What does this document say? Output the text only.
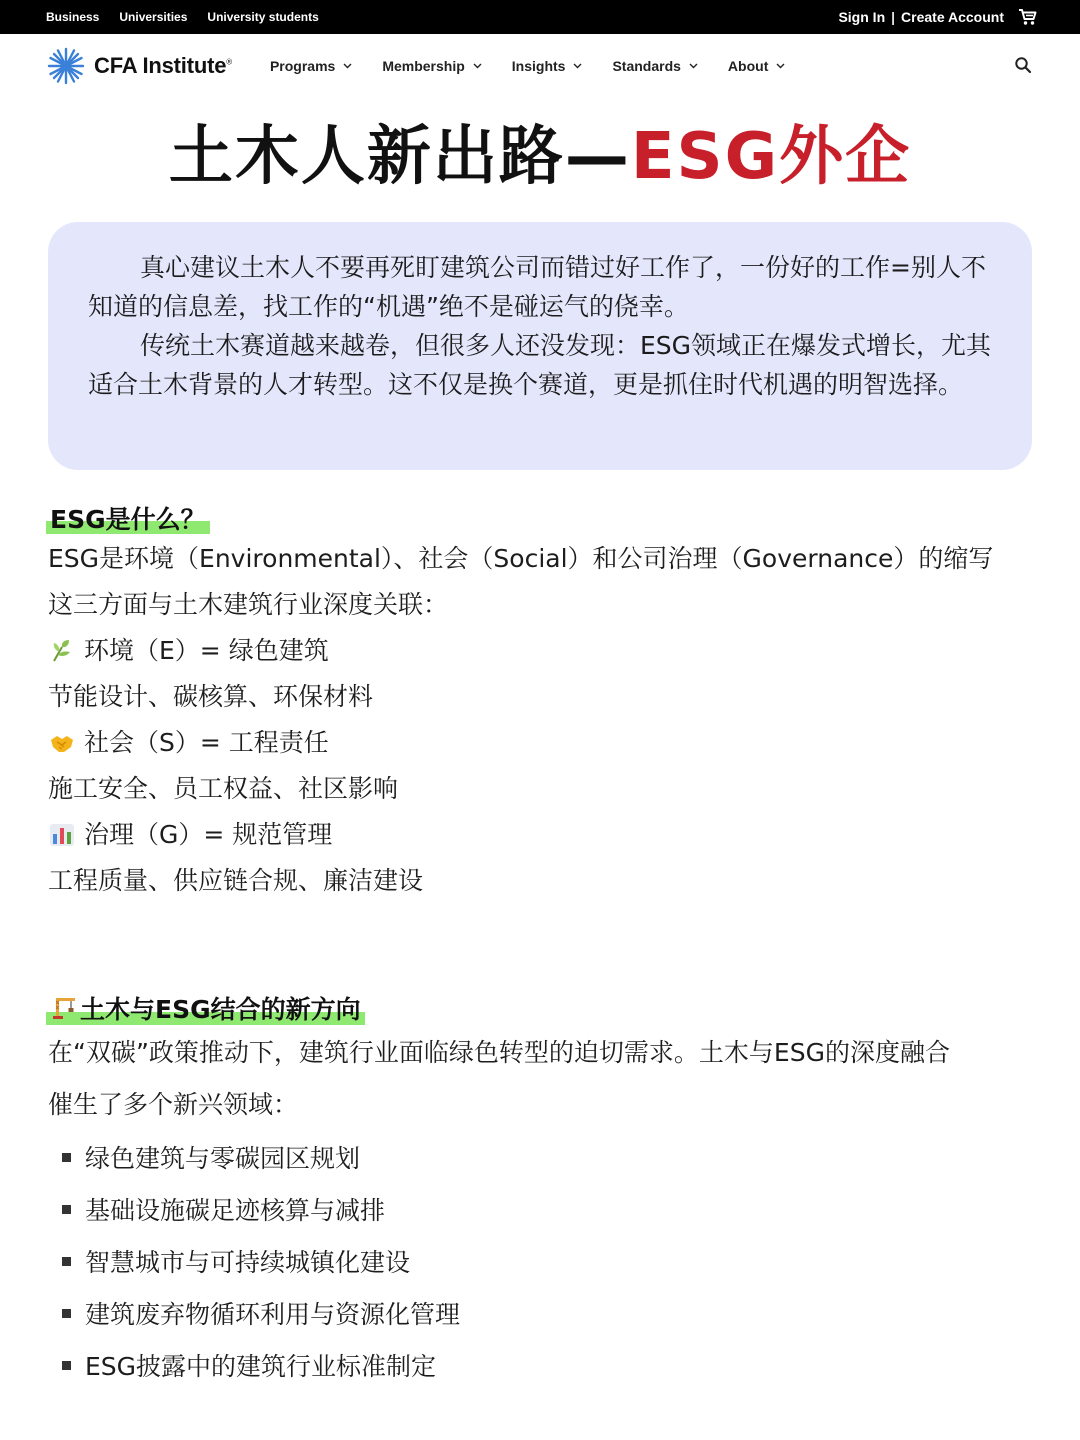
Business Universities University students	Sign In | Create Account
CFA Institute®	Programs	Membership	Insights	Standards	About
土木人新出路—ESG外企

真心建议土木人不要再死盯建筑公司而错过好工作了，一份好的工作=别人不知道的信息差，找工作的“机遇”绝不是碰运气的侥幸。

传统土木赛道越来越卷，但很多人还没发现：ESG领域正在爆发式增长，尤其适合土木背景的人才转型。这不仅是换个赛道，更是抓住时代机遇的明智选择。

ESG是什么？

ESG是环境（Environmental）、社会（Social）和公司治理（Governance）的缩写

这三方面与土木建筑行业深度关联：

环境（E）= 绿色建筑

节能设计、碳核算、环保材料

社会（S）= 工程责任

施工安全、员工权益、社区影响

治理（G）= 规范管理

工程质量、供应链合规、廉洁建设

土木与ESG结合的新方向

在“双碳”政策推动下，建筑行业面临绿色转型的迫切需求。土木与ESG的深度融合

催生了多个新兴领域：

绿色建筑与零碳园区规划
基础设施碳足迹核算与减排
智慧城市与可持续城镇化建设
建筑废弃物循环利用与资源化管理
ESG披露中的建筑行业标准制定
